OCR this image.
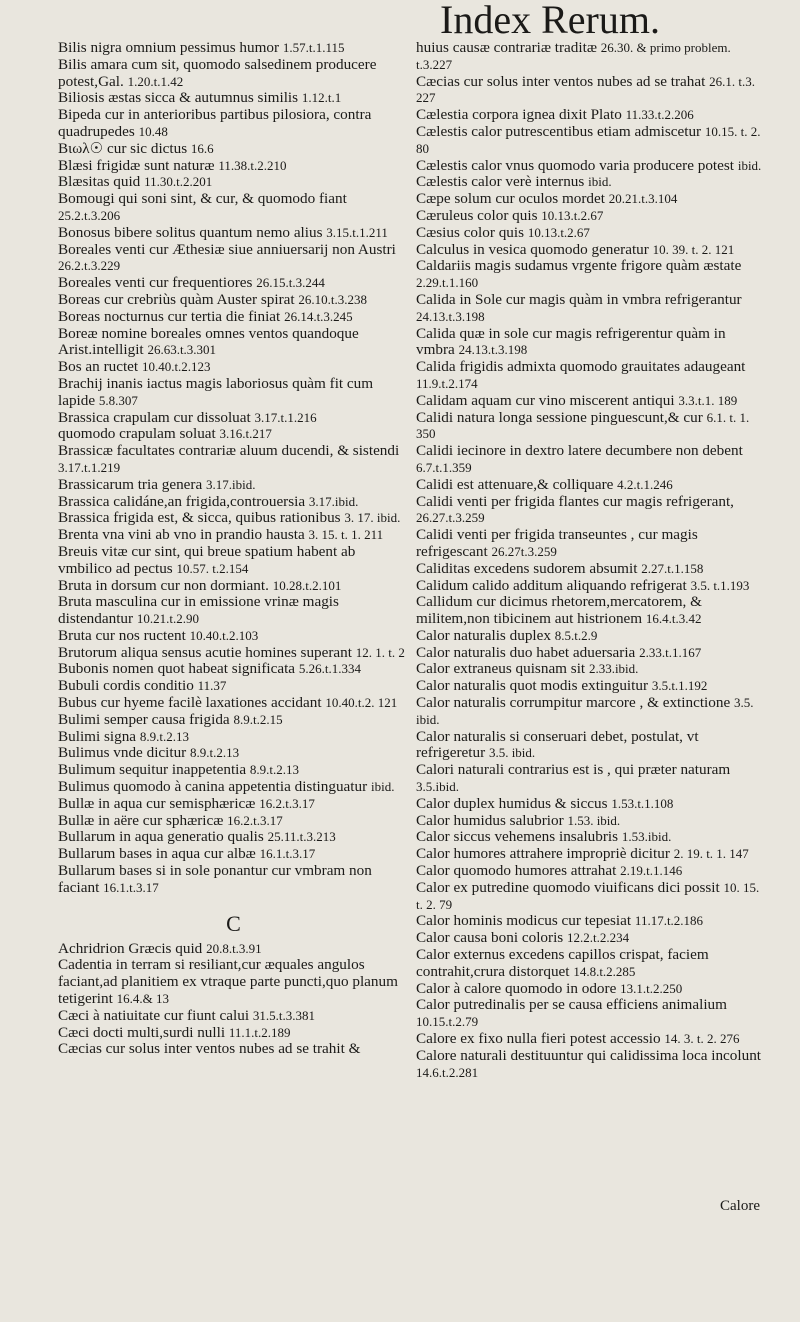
Index Rerum.
Bilis nigra omnium pessimus humor 1.57.t.1.115
Bilis amara cum sit, quomodo salsedinem producere potest,Gal. 1.20.t.1.42
Biliosis æstas sicca & autumnus similis 1.12.t.1
Bipeda cur in anterioribus partibus pilosiora, contra quadrupedes 10.48
Βιωλ☉ cur sic dictus 16.6
Blæsi frigidæ sunt naturæ 11.38.t.2.210
Blæsitas quid 11.30.t.2.201
Bomougi qui soni sint, & cur, & quomodo fiant 25.2.t.3.206
Bonosus bibere solitus quantum nemo alius 3.15.t.1.211
Boreales venti cur Æthesiæ siue anniuersarij non Austri 26.2.t.3.229
Boreales venti cur frequentiores 26.15.t.3.244
Boreas cur crebriùs quàm Auster spirat 26.10.t.3.238
Boreas nocturnus cur tertia die finiat 26.14.t.3.245
Boreæ nomine boreales omnes ventos quandoque Arist.intelligit 26.63.t.3.301
Bos an ructet 10.40.t.2.123
Brachij inanis iactus magis laboriosus quàm fit cum lapide 5.8.307
Brassica crapulam cur dissoluat 3.17.t.1.216
quomodo crapulam soluat 3.16.t.217
Brassicæ facultates contrariæ aluum ducendi, & sistendi 3.17.t.1.219
Brassicarum tria genera 3.17.ibid.
Brassica calidáne,an frigida,controuersia 3.17.ibid.
Brassica frigida est, & sicca, quibus rationibus 3. 17. ibid.
Brenta vna vini ab vno in prandio hausta 3. 15. t. 1. 211
Breuis vitæ cur sint, qui breue spatium habent ab vmbilico ad pectus 10.57. t.2.154
Bruta in dorsum cur non dormiant. 10.28.t.2.101
Bruta masculina cur in emissione vrinæ magis distendantur 10.21.t.2.90
Bruta cur nos ructent 10.40.t.2.103
Brutorum aliqua sensus acutie homines superant 12. 1. t. 2
Bubonis nomen quot habeat significata 5.26.t.1.334
Bubuli cordis conditio 11.37
Bubus cur hyeme facilè laxationes accidant 10.40.t.2. 121
Bulimi semper causa frigida 8.9.t.2.15
Bulimi signa 8.9.t.2.13
Bulimus vnde dicitur 8.9.t.2.13
Bulimum sequitur inappetentia 8.9.t.2.13
Bulimus quomodo à canina appetentia distinguatur ibid.
Bullæ in aqua cur semisphæricæ 16.2.t.3.17
Bullæ in aëre cur sphæricæ 16.2.t.3.17
Bullarum in aqua generatio qualis 25.11.t.3.213
Bullarum bases in aqua cur albæ 16.1.t.3.17
Bullarum bases si in sole ponantur cur vmbram non faciant 16.1.t.3.17
C
Achridrion Græcis quid 20.8.t.3.91
Cadentia in terram si resiliant,cur æquales angulos faciant,ad planitiem ex vtraque parte puncti,quo planum tetigerint 16.4.& 13
Cæci à natiuitate cur fiunt calui 31.5.t.3.381
Cæci docti multi,surdi nulli 11.1.t.2.189
Cæcias cur solus inter ventos nubes ad se trahit &
huius causæ contrariæ traditæ 26.30. & primo problem. t.3.227
Cæcias cur solus inter ventos nubes ad se trahat 26.1. t.3. 227
Cælestia corpora ignea dixit Plato 11.33.t.2.206
Cælestis calor putrescentibus etiam admiscetur 10.15. t. 2. 80
Cælestis calor vnus quomodo varia producere potest ibid.
Cælestis calor verè internus ibid.
Cæpe solum cur oculos mordet 20.21.t.3.104
Cæruleus color quis 10.13.t.2.67
Cæsius color quis 10.13.t.2.67
Calculus in vesica quomodo generatur 10. 39. t. 2. 121
Caldariis magis sudamus vrgente frigore quàm æstate 2.29.t.1.160
Calida in Sole cur magis quàm in vmbra refrigerantur 24.13.t.3.198
Calida quæ in sole cur magis refrigerentur quàm in vmbra 24.13.t.3.198
Calida frigidis admixta quomodo grauitates adaugeant 11.9.t.2.174
Calidam aquam cur vino miscerent antiqui 3.3.t.1. 189
Calidi natura longa sessione pinguescunt,& cur 6.1. t. 1. 350
Calidi iecinore in dextro latere decumbere non debent 6.7.t.1.359
Calidi est attenuare,& colliquare 4.2.t.1.246
Calidi venti per frigida flantes cur magis refrigerant, 26.27.t.3.259
Calidi venti per frigida transeuntes , cur magis refrigescant 26.27t.3.259
Caliditas excedens sudorem absumit 2.27.t.1.158
Calidum calido additum aliquando refrigerat 3.5. t.1.193
Callidum cur dicimus rhetorem,mercatorem, & militem,non tibicinem aut histrionem 16.4.t.3.42
Calor naturalis duplex 8.5.t.2.9
Calor naturalis duo habet aduersaria 2.33.t.1.167
Calor extraneus quisnam sit 2.33.ibid.
Calor naturalis quot modis extinguitur 3.5.t.1.192
Calor naturalis corrumpitur marcore , & extinctione 3.5. ibid.
Calor naturalis si conseruari debet, postulat, vt refrigeretur 3.5. ibid.
Calori naturali contrarius est is , qui præter naturam 3.5.ibid.
Calor duplex humidus & siccus 1.53.t.1.108
Calor humidus salubrior 1.53. ibid.
Calor siccus vehemens insalubris 1.53.ibid.
Calor humores attrahere impropriè dicitur 2. 19. t. 1. 147
Calor quomodo humores attrahat 2.19.t.1.146
Calor ex putredine quomodo viuificans dici possit 10. 15. t. 2. 79
Calor hominis modicus cur tepesiat 11.17.t.2.186
Calor causa boni coloris 12.2.t.2.234
Calor externus excedens capillos crispat, faciem contrahit,crura distorquet 14.8.t.2.285
Calor à calore quomodo in odore 13.1.t.2.250
Calor putredinalis per se causa efficiens animalium 10.15.t.2.79
Calore ex fixo nulla fieri potest accessio 14. 3. t. 2. 276
Calore naturali destituuntur qui calidissima loca incolunt 14.6.t.2.281
Calore
